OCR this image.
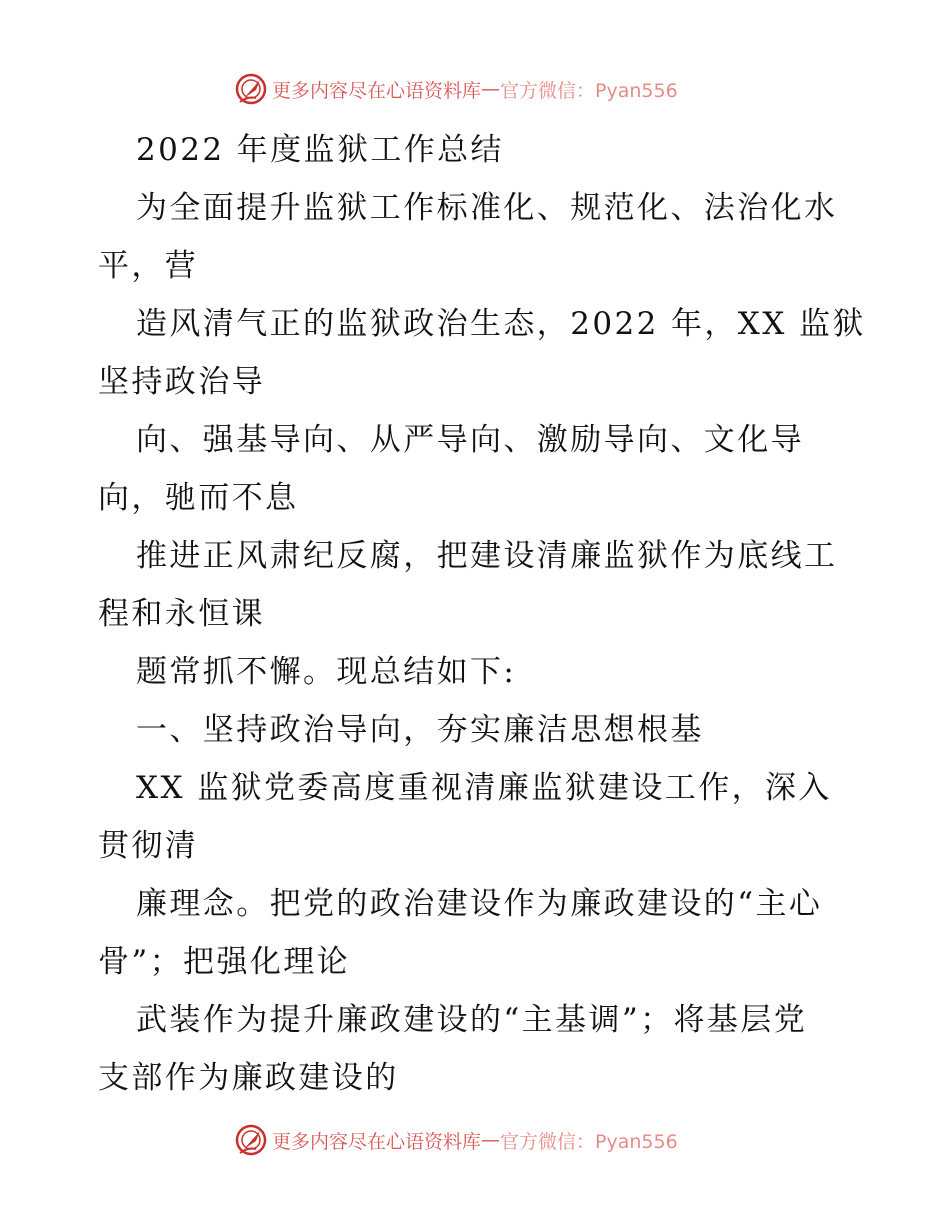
更多内容尽在心语资料库 — 官方微信：Pyan556
2022 年度监狱工作总结
为全面提升监狱工作标准化、规范化、法治化水
平，营
造风清气正的监狱政治生态，2022 年，XX 监狱
坚持政治导
向、强基导向、从严导向、激励导向、文化导
向，驰而不息
推进正风肃纪反腐，把建设清廉监狱作为底线工
程和永恒课
题常抓不懈。现总结如下:
一、坚持政治导向，夯实廉洁思想根基
XX 监狱党委高度重视清廉监狱建设工作，深入
贯彻清
廉理念。把党的政治建设作为廉政建设的“主心
骨”；把强化理论
武装作为提升廉政建设的“主基调”；将基层党
支部作为廉政建设的
更多内容尽在心语资料库 — 官方微信：Pyan556
